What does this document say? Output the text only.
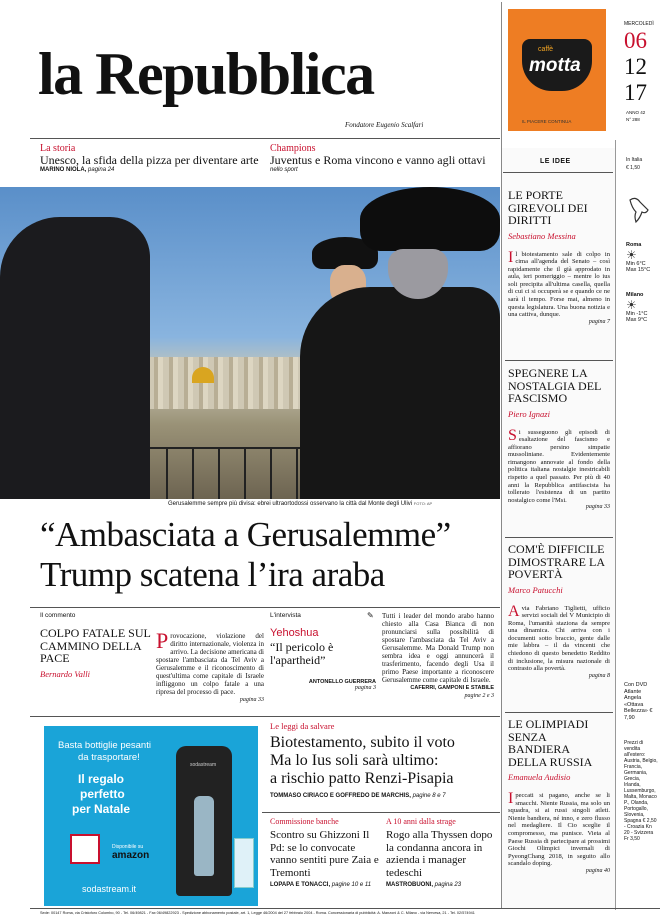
la Repubblica
Fondatore Eugenio Scalfari
caffè
motta
IL PIACERE CONTINUA
MERCOLEDÌ
06
12
17
ANNO 42
N° 288
La storia
Unesco, la sfida della pizza per diventare arte
MARINO NIOLA, pagina 24
Champions
Juventus e Roma vincono e vanno agli ottavi
nello sport
LE IDEE	In Italia
€ 1,50
Roma
☀
Min 6°C
Max 15°C
Milano
☀
Min -1°C
Max 9°C
Con DVD Atlante Angela «Ottava Bellezza» € 7,90
Prezzi di vendita all'estero: Austria, Belgio, Francia, Germania, Grecia, Irlanda, Lussemburgo, Malta, Monaco P., Olanda, Portogallo, Slovenia, Spagna € 2,50 - Croazia Kn 20 - Svizzera Fr 3,50
Gerusalemme sempre più divisa: ebrei ultraortodossi osservano la città dal Monte degli Ulivi FOTO: AP
“Ambasciata a Gerusalemme”
Trump scatena l’ira araba
Il commento
COLPO FATALE SUL CAMMINO DELLA PACE
Bernardo Valli
Provocazione, violazione del diritto internazionale, violenza in arrivo. La decisione americana di spostare l'ambasciata da Tel Aviv a Gerusalemme e il riconoscimento di quest'ultima come capitale di Israele infliggono un colpo fatale a una ripresa del processo di pace.
pagina 33
L'intervista	✎
Yehoshua
“Il pericolo è l'apartheid”
ANTONELLO GUERRERA
pagina 3
Tutti i leader del mondo arabo hanno chiesto alla Casa Bianca di non pronunciarsi sulla possibilità di spostare l'ambasciata da Tel Aviv a Gerusalemme. Ma Donald Trump non sembra idea e oggi annuncerà il trasferimento, facendo degli Usa il primo Paese importante a riconoscere Gerusalemme come capitale di Israele.
CAFERRI, GAMPONI E STABILE
pagine 2 e 3
Basta bottiglie pesanti
da trasportare!
Il regalo
perfetto
per Natale
Disponibile su
amazon
sodastream.it
sodastream
Le leggi da salvare
Biotestamento, subito il voto
Ma lo Ius soli sarà ultimo:
a rischio patto Renzi-Pisapia
TOMMASO CIRIACO E GOFFREDO DE MARCHIS, pagine 8 e 7
Commissione banche
Scontro su Ghizzoni Il Pd: se lo convocate vanno sentiti pure Zaia e Tremonti
LOPAPA E TONACCI, pagine 10 e 11
A 10 anni dalla strage
Rogo alla Thyssen dopo la condanna ancora in azienda i manager tedeschi
MASTROBUONI, pagina 23
LE PORTE GIREVOLI DEI DIRITTI
Sebastiano Messina
Il biotestamento sale di colpo in cima all'agenda del Senato – così rapidamente che il già approdato in aula, ieri pomeriggio – mentre lo ius soli precipita all'ultima casella, quella di cui ci si occuperà se e quando ce ne sarà il tempo. Forse mai, almeno in questa legislatura. Una buona notizia e una cattiva, dunque.
pagina 7
SPEGNERE LA NOSTALGIA DEL FASCISMO
Piero Ignazi
Si susseguono gli episodi di esaltazione del fascismo e affiorano persino simpatie mussoliniane. Evidentemente rimangono annovate al fondo della politica italiana nostalgie inestricabili rispetto a quel passato. Per più di 40 anni la Repubblica antifascista ha tollerato l'esistenza di un partito nostalgico come l'Msi.
pagina 33
COM'È DIFFICILE DIMOSTRARE LA POVERTÀ
Marco Patucchi
A via Fabriano Tiglietti, ufficio servizi sociali del V Municipio di Roma, l'umanità staziona da sempre una dinamica. Chi arriva con i documenti sotto braccio, gente dalle mie labbra – il da vincenti che chiedono di questo benedetto Reddito di inclusione, la misura nazionale di contrasto alla povertà.
pagina 8
LE OLIMPIADI SENZA BANDIERA DELLA RUSSIA
Emanuela Audisio
I peccati si pagano, anche se li smacchi. Niente Russia, ma solo un squadra, si ai russi singoli atleti. Niente bandiera, né inno, e zero flusso nel medagliere. Il Cio sceglie il compromesso, ma punisce. Vieta al Paese Russia di partecipare ai prossimi Giochi Olimpici invernali di PyeongChang 2018, in seguito allo scandalo doping.
pagina 40
Sede: 00147 Roma, via Cristoforo Colombo, 90 - Tel. 06/49821 - Fax 06/49822923 - Spedizione abbonamento postale, art. 1, Legge 46/2004 del 27 febbraio 2004 - Roma. Concessionaria di pubblicità: A. Manzoni & C. Milano - via Nervesa, 21 - Tel. 02/574941
